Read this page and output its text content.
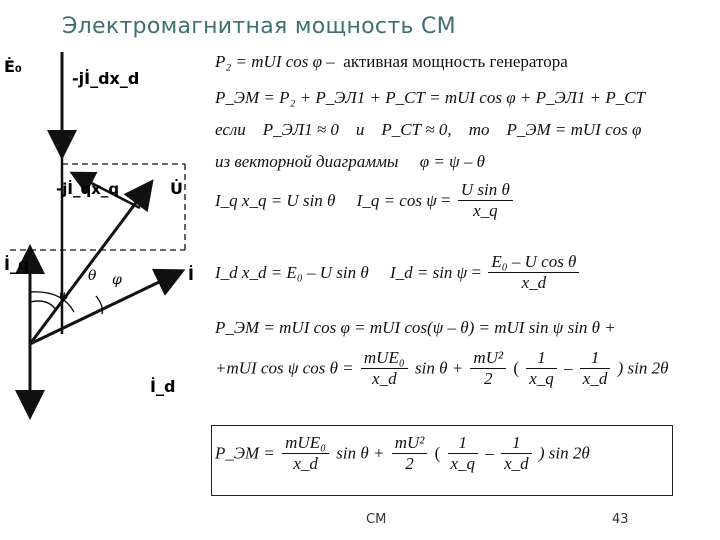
Электромагнитная мощность СМ
Ė₀
-jİ_dx_d
-jİ_qx_q	U̇
İ_q
İ
İ_d
θ
ψ
φ
P₂ = mUI cos φ – активная мощность генератора
P_ЭМ = P₂ + P_ЭЛ1 + P_СТ = mUI cos φ + P_ЭЛ1 + P_СТ
если P_ЭЛ1 ≈ 0 и P_СТ ≈ 0, то P_ЭМ = mUI cos φ
из векторной диаграммы φ = ψ – θ
I_q x_q = U sin θ I_q = $\cos \psi = \frac{\text{U sin θ}}{x\_q}$
I_d x_d = E₀ – U sin θ I_d = $\sin \psi = \frac{\text{E₀ – U cos θ}}{x\_d}$
P_ЭМ = mUI cos φ = mUI cos(ψ – θ) = mUI sin ψ sin θ +
+mUI cos ψ $\cos \theta = \frac{\text{mUE₀}}{x\_d}$ $\sin \theta + \frac{\text{mU²}}{2}$ ( $\frac{1}{x\_q} - \frac{1}{x\_d}$ ) sin 2θ
P_ЭМ = $\frac{\text{mUE₀}}{x\_d}$ $\sin \theta + \frac{\text{mU²}}{2}$ ( $\frac{1}{x\_q} - \frac{1}{x\_d}$ ) sin 2θ
СМ	43
